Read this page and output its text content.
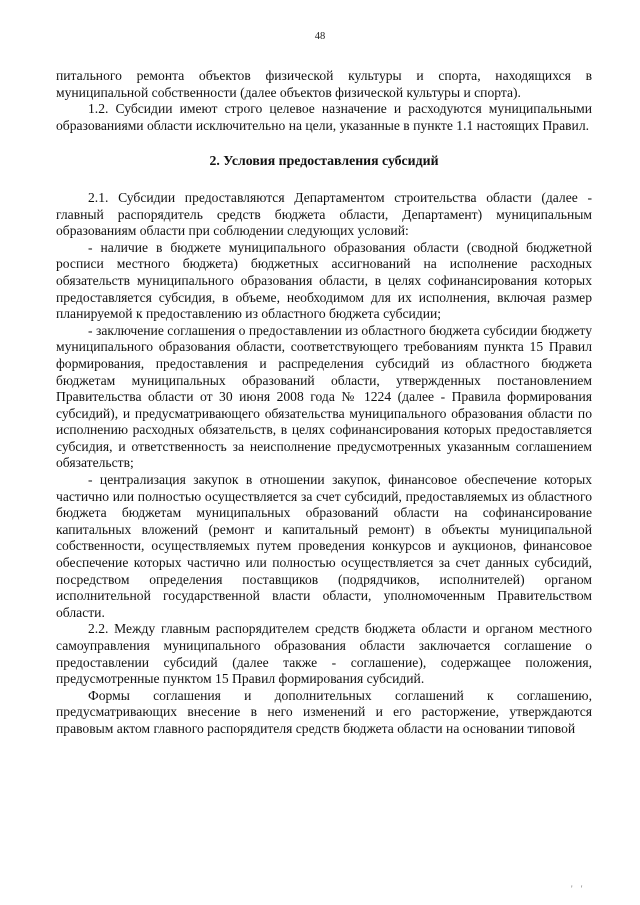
48

питального ремонта объектов физической культуры и спорта, находящихся в муниципальной собственности (далее объектов физической культуры и спорта).

1.2. Субсидии имеют строго целевое назначение и расходуются муниципальными образованиями области исключительно на цели, указанные в пункте 1.1 настоящих Правил.

2. Условия предоставления субсидий

2.1. Субсидии предоставляются Департаментом строительства области (далее - главный распорядитель средств бюджета области, Департамент) муниципальным образованиям области при соблюдении следующих условий:

- наличие в бюджете муниципального образования области (сводной бюджетной росписи местного бюджета) бюджетных ассигнований на исполнение расходных обязательств муниципального образования области, в целях софинансирования которых предоставляется субсидия, в объеме, необходимом для их исполнения, включая размер планируемой к предоставлению из областного бюджета субсидии;

- заключение соглашения о предоставлении из областного бюджета субсидии бюджету муниципального образования области, соответствующего требованиям пункта 15 Правил формирования, предоставления и распределения субсидий из областного бюджета бюджетам муниципальных образований области, утвержденных постановлением Правительства области от 30 июня 2008 года № 1224 (далее - Правила формирования субсидий), и предусматривающего обязательства муниципального образования области по исполнению расходных обязательств, в целях софинансирования которых предоставляется субсидия, и ответственность за неисполнение предусмотренных указанным соглашением обязательств;

- централизация закупок в отношении закупок, финансовое обеспечение которых частично или полностью осуществляется за счет субсидий, предоставляемых из областного бюджета бюджетам муниципальных образований области на софинансирование капитальных вложений (ремонт и капитальный ремонт) в объекты муниципальной собственности, осуществляемых путем проведения конкурсов и аукционов, финансовое обеспечение которых частично или полностью осуществляется за счет данных субсидий, посредством определения поставщиков (подрядчиков, исполнителей) органом исполнительной государственной власти области, уполномоченным Правительством области.

2.2. Между главным распорядителем средств бюджета области и органом местного самоуправления муниципального образования области заключается соглашение о предоставлении субсидий (далее также - соглашение), содержащее положения, предусмотренные пунктом 15 Правил формирования субсидий.

Формы соглашения и дополнительных соглашений к соглашению, предусматривающих внесение в него изменений и его расторжение, утверждаются правовым актом главного распорядителя средств бюджета области на основании типовой

' '
